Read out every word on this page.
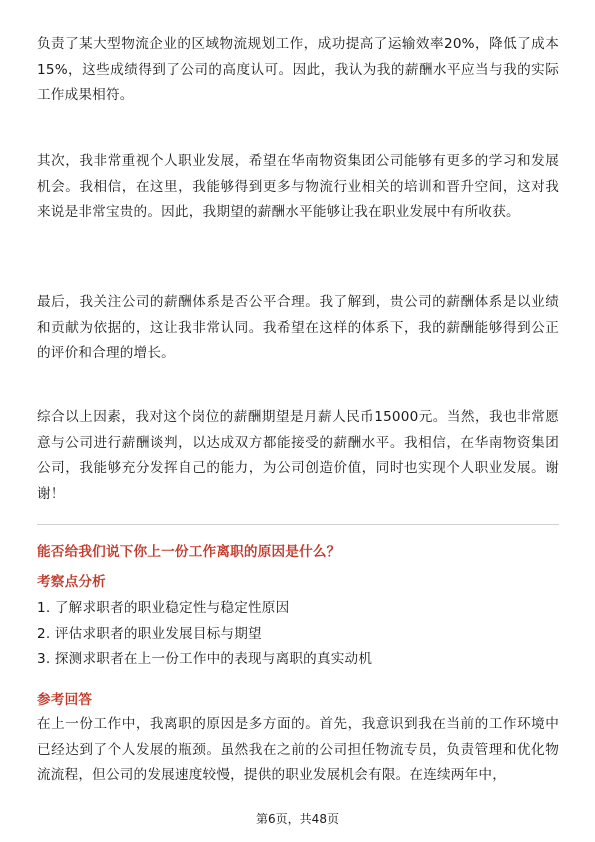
负责了某大型物流企业的区域物流规划工作，成功提高了运输效率20%，降低了成本15%，这些成绩得到了公司的高度认可。因此，我认为我的薪酬水平应当与我的实际工作成果相符。

其次，我非常重视个人职业发展，希望在华南物资集团公司能够有更多的学习和发展机会。我相信，在这里，我能够得到更多与物流行业相关的培训和晋升空间，这对我来说是非常宝贵的。因此，我期望的薪酬水平能够让我在职业发展中有所收获。

最后，我关注公司的薪酬体系是否公平合理。我了解到，贵公司的薪酬体系是以业绩和贡献为依据的，这让我非常认同。我希望在这样的体系下，我的薪酬能够得到公正的评价和合理的增长。

综合以上因素，我对这个岗位的薪酬期望是月薪人民币15000元。当然，我也非常愿意与公司进行薪酬谈判，以达成双方都能接受的薪酬水平。我相信，在华南物资集团公司，我能够充分发挥自己的能力，为公司创造价值，同时也实现个人职业发展。谢谢！

能否给我们说下你上一份工作离职的原因是什么？

考察点分析

1. 了解求职者的职业稳定性与稳定性原因
2. 评估求职者的职业发展目标与期望
3. 探测求职者在上一份工作中的表现与离职的真实动机

参考回答

在上一份工作中，我离职的原因是多方面的。首先，我意识到我在当前的工作环境中已经达到了个人发展的瓶颈。虽然我在之前的公司担任物流专员，负责管理和优化物流流程，但公司的发展速度较慢，提供的职业发展机会有限。在连续两年中，

第6页，共48页
